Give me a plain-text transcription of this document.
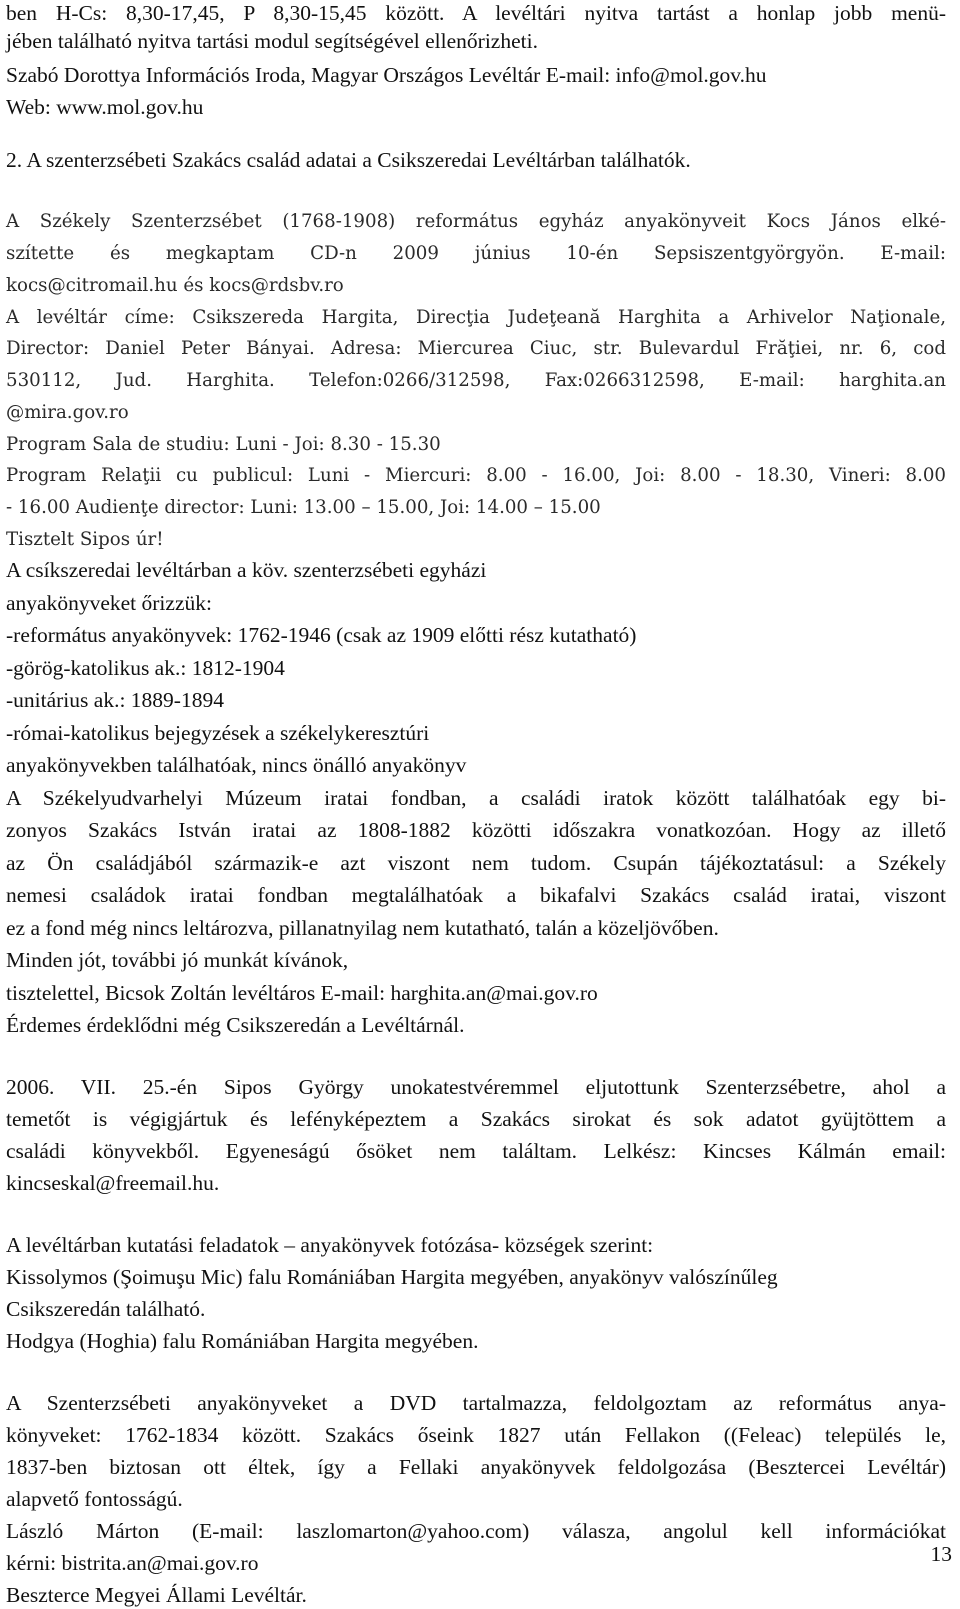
ben H-Cs: 8,30-17,45, P 8,30-15,45 között. A levéltári nyitva tartást a honlap jobb menü-

jében található nyitva tartási modul segítségével ellenőrizheti.

Szabó Dorottya Információs Iroda, Magyar Országos Levéltár E-mail: info@mol.gov.hu

Web: www.mol.gov.hu

2. A szenterzsébeti Szakács család adatai a Csikszeredai Levéltárban találhatók.

A Székely Szenterzsébet (1768-1908) református egyház anyakönyveit Kocs János elké-

szítette és megkaptam CD-n 2009 június 10-én Sepsiszentgyörgyön. E-mail:

kocs@citromail.hu és kocs@rdsbv.ro

A levéltár címe: Csikszereda Hargita, Direcţia Judeţeană Harghita a Arhivelor Naţionale,

Director: Daniel Peter Bányai. Adresa: Miercurea Ciuc, str. Bulevardul Frăţiei, nr. 6, cod

530112, Jud. Harghita. Telefon:0266/312598, Fax:0266312598, E-mail: harghita.an

@mira.gov.ro

Program Sala de studiu: Luni - Joi: 8.30 - 15.30

Program Relaţii cu publicul: Luni - Miercuri: 8.00 - 16.00, Joi: 8.00 - 18.30, Vineri: 8.00

- 16.00 Audienţe director: Luni: 13.00 – 15.00, Joi: 14.00 – 15.00

Tisztelt Sipos úr!

A csíkszeredai levéltárban a köv. szenterzsébeti egyházi

anyakönyveket őrizzük:

-református anyakönyvek: 1762-1946 (csak az 1909 előtti rész kutatható)

-görög-katolikus ak.: 1812-1904

-unitárius ak.: 1889-1894

-római-katolikus bejegyzések a székelykeresztúri

anyakönyvekben találhatóak, nincs önálló anyakönyv

A Székelyudvarhelyi Múzeum iratai fondban, a családi iratok között találhatóak egy bi-

zonyos Szakács István iratai az 1808-1882 közötti időszakra vonatkozóan. Hogy az illető

az Ön családjából származik-e azt viszont nem tudom. Csupán tájékoztatásul: a Székely

nemesi családok iratai fondban megtalálhatóak a bikafalvi Szakács család iratai, viszont

ez a fond még nincs leltározva, pillanatnyilag nem kutatható, talán a közeljövőben.

Minden jót, további jó munkát kívánok,

tisztelettel, Bicsok Zoltán levéltáros E-mail: harghita.an@mai.gov.ro

Érdemes érdeklődni még Csikszeredán a Levéltárnál.

2006. VII. 25.-én Sipos György unokatestvéremmel eljutottunk Szenterzsébetre, ahol a

temetőt is végigjártuk és lefényképeztem a Szakács sirokat és sok adatot gyüjtöttem a

családi könyvekből. Egyeneságú ősöket nem találtam. Lelkész: Kincses Kálmán email:

kincseskal@freemail.hu.

A levéltárban kutatási feladatok – anyakönyvek fotózása- községek szerint:

Kissolymos (Şoimuşu Mic) falu Romániában Hargita megyében, anyakönyv valószínűleg

Csikszeredán található.

Hodgya (Hoghia) falu Romániában Hargita megyében.

A Szenterzsébeti anyakönyveket a DVD tartalmazza, feldolgoztam az református anya-

könyveket: 1762-1834 között. Szakács őseink 1827 után Fellakon ((Feleac) település le,

1837-ben biztosan ott éltek, így a Fellaki anyakönyvek feldolgozása (Besztercei Levéltár)

alapvető fontosságú.

László Márton (E-mail: laszlomarton@yahoo.com) válasza, angolul kell információkat

kérni: bistrita.an@mai.gov.ro

Beszterce Megyei Állami Levéltár.

13
